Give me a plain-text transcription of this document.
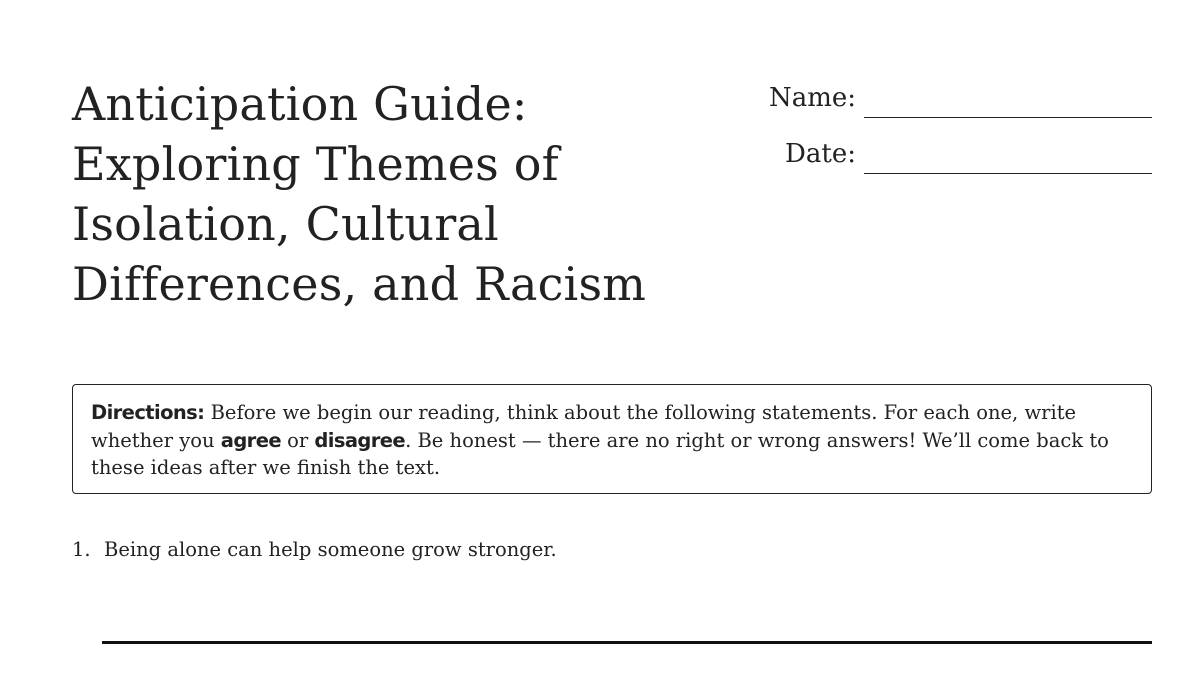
Anticipation Guide: Exploring Themes of Isolation, Cultural Differences, and Racism
Name:
Date:
Directions: Before we begin our reading, think about the following statements. For each one, write whether you agree or disagree. Be honest — there are no right or wrong answers! We’ll come back to these ideas after we finish the text.
1. Being alone can help someone grow stronger.
